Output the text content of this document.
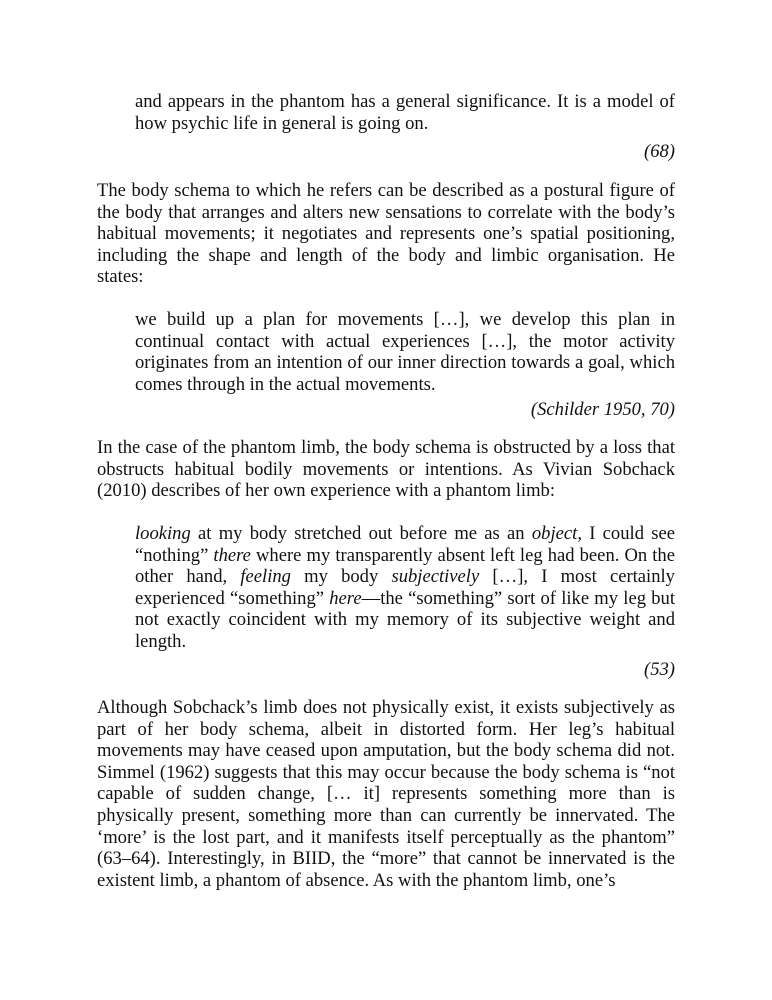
and appears in the phantom has a general significance. It is a model of how psychic life in general is going on.

(68)

The body schema to which he refers can be described as a postural figure of the body that arranges and alters new sensations to correlate with the body’s habitual movements; it negotiates and represents one’s spatial positioning, including the shape and length of the body and limbic organisation. He states:

we build up a plan for movements […], we develop this plan in continual contact with actual experiences […], the motor activity originates from an intention of our inner direction towards a goal, which comes through in the actual movements.

(Schilder 1950, 70)

In the case of the phantom limb, the body schema is obstructed by a loss that obstructs habitual bodily movements or intentions. As Vivian Sobchack (2010) describes of her own experience with a phantom limb:

looking at my body stretched out before me as an object, I could see “nothing” there where my transparently absent left leg had been. On the other hand, feeling my body subjectively […], I most certainly experienced “something” here—the “something” sort of like my leg but not exactly coincident with my memory of its subjective weight and length.

(53)

Although Sobchack’s limb does not physically exist, it exists subjectively as part of her body schema, albeit in distorted form. Her leg’s habitual movements may have ceased upon amputation, but the body schema did not. Simmel (1962) suggests that this may occur because the body schema is “not capable of sudden change, [… it] represents something more than is physically present, something more than can currently be innervated. The ‘more’ is the lost part, and it manifests itself perceptually as the phantom” (63–64). Interestingly, in BIID, the “more” that cannot be innervated is the existent limb, a phantom of absence. As with the phantom limb, one’s
